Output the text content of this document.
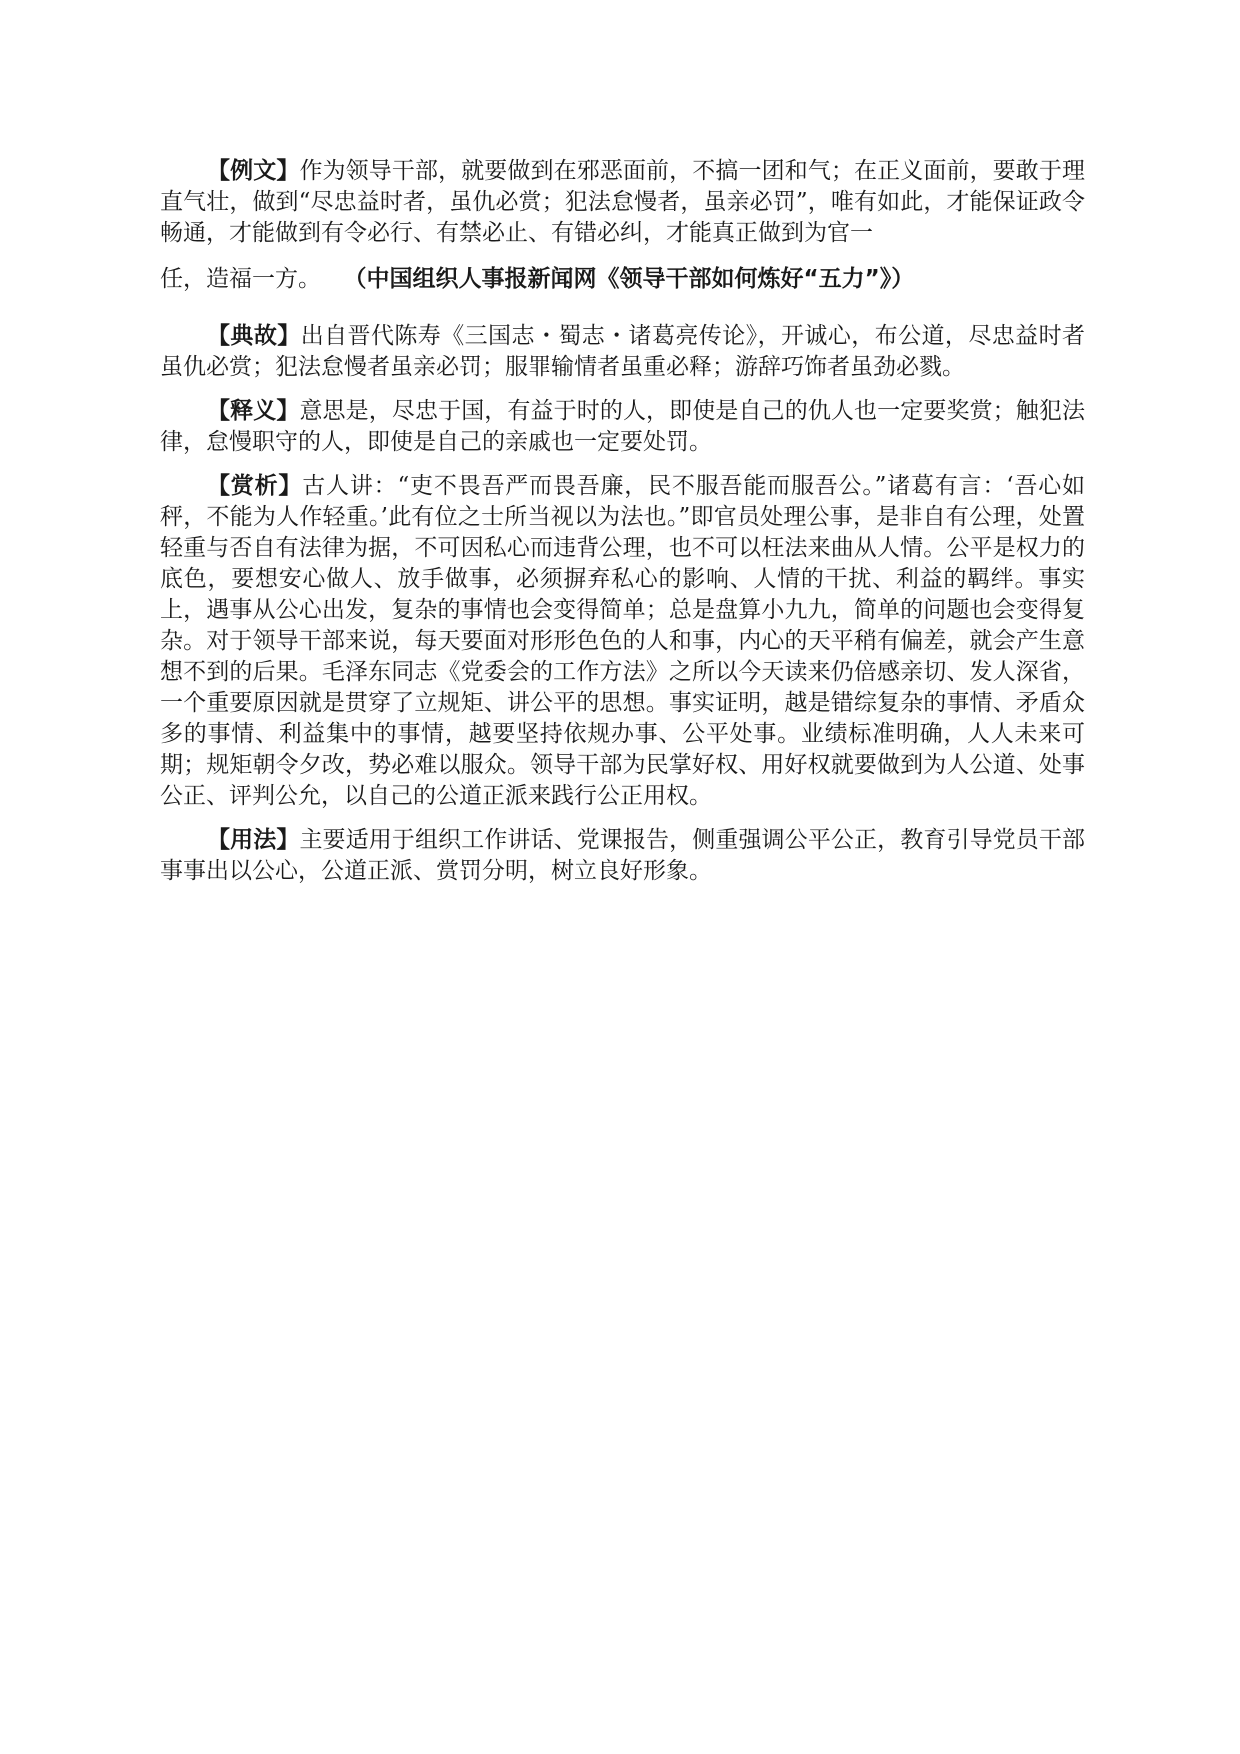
【例文】作为领导干部，就要做到在邪恶面前，不搞一团和气；在正义面前，要敢于理直气壮，做到“尽忠益时者，虽仇必赏；犯法怠慢者，虽亲必罚”，唯有如此，才能保证政令畅通，才能做到有令必行、有禁必止、有错必纠，才能真正做到为官一
任，造福一方。 （中国组织人事报新闻网《领导干部如何炼好“五力”》）

【典故】出自晋代陈寿《三国志・蜀志・诸葛亮传论》，开诚心，布公道，尽忠益时者虽仇必赏；犯法怠慢者虽亲必罚；服罪输情者虽重必释；游辞巧饰者虽劲必戮。

【释义】意思是，尽忠于国，有益于时的人，即使是自己的仇人也一定要奖赏；触犯法律，怠慢职守的人，即使是自己的亲戚也一定要处罚。

【赏析】古人讲：“吏不畏吾严而畏吾廉，民不服吾能而服吾公。”诸葛有言：‘吾心如秤，不能为人作轻重。’此有位之士所当视以为法也。”即官员处理公事，是非自有公理，处置轻重与否自有法律为据，不可因私心而违背公理，也不可以枉法来曲从人情。公平是权力的底色，要想安心做人、放手做事，必须摒弃私心的影响、人情的干扰、利益的羁绊。事实上，遇事从公心出发，复杂的事情也会变得简单；总是盘算小九九，简单的问题也会变得复杂。对于领导干部来说，每天要面对形形色色的人和事，内心的天平稍有偏差，就会产生意想不到的后果。毛泽东同志《党委会的工作方法》之所以今天读来仍倍感亲切、发人深省，一个重要原因就是贯穿了立规矩、讲公平的思想。事实证明，越是错综复杂的事情、矛盾众多的事情、利益集中的事情，越要坚持依规办事、公平处事。业绩标准明确，人人未来可期；规矩朝令夕改，势必难以服众。领导干部为民掌好权、用好权就要做到为人公道、处事公正、评判公允，以自己的公道正派来践行公正用权。

【用法】主要适用于组织工作讲话、党课报告，侧重强调公平公正，教育引导党员干部事事出以公心，公道正派、赏罚分明，树立良好形象。
